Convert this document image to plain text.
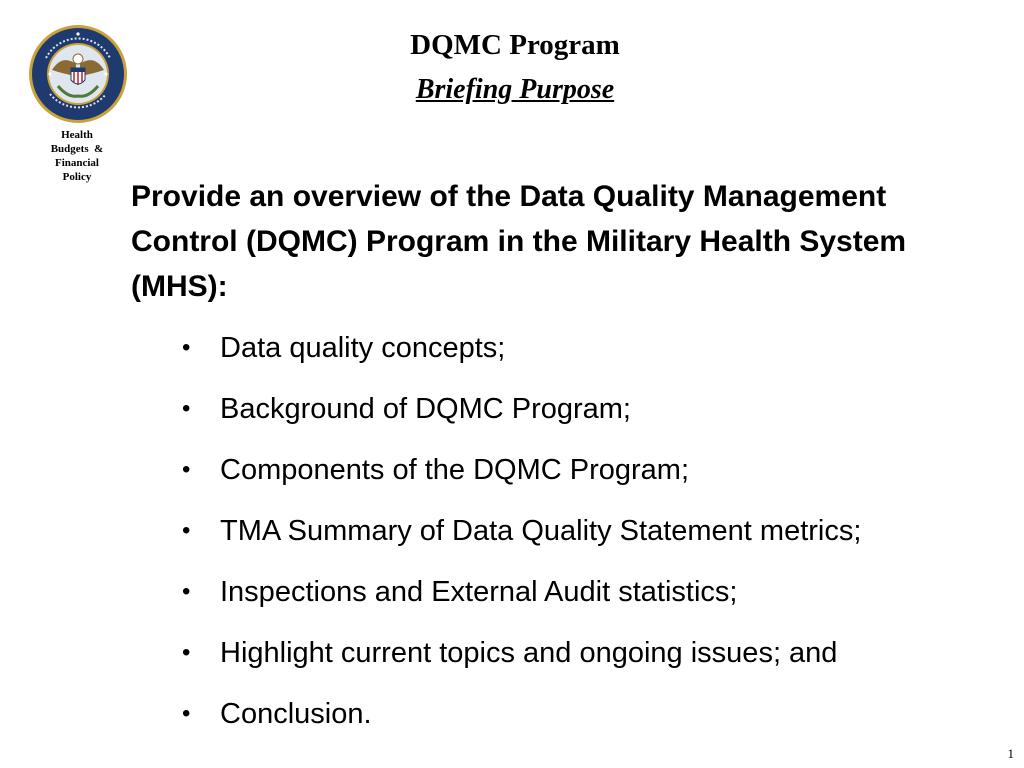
Health
Budgets  &
Financial
Policy
DQMC Program
Briefing Purpose
Provide an overview of the Data Quality Management Control (DQMC) Program in the Military Health System (MHS):
•	Data quality concepts;
•	Background of DQMC Program;
•	Components of the DQMC Program;
•	TMA Summary of Data Quality Statement metrics;
•	Inspections and External Audit statistics;
•	Highlight current topics and ongoing issues; and
•	Conclusion.
1
